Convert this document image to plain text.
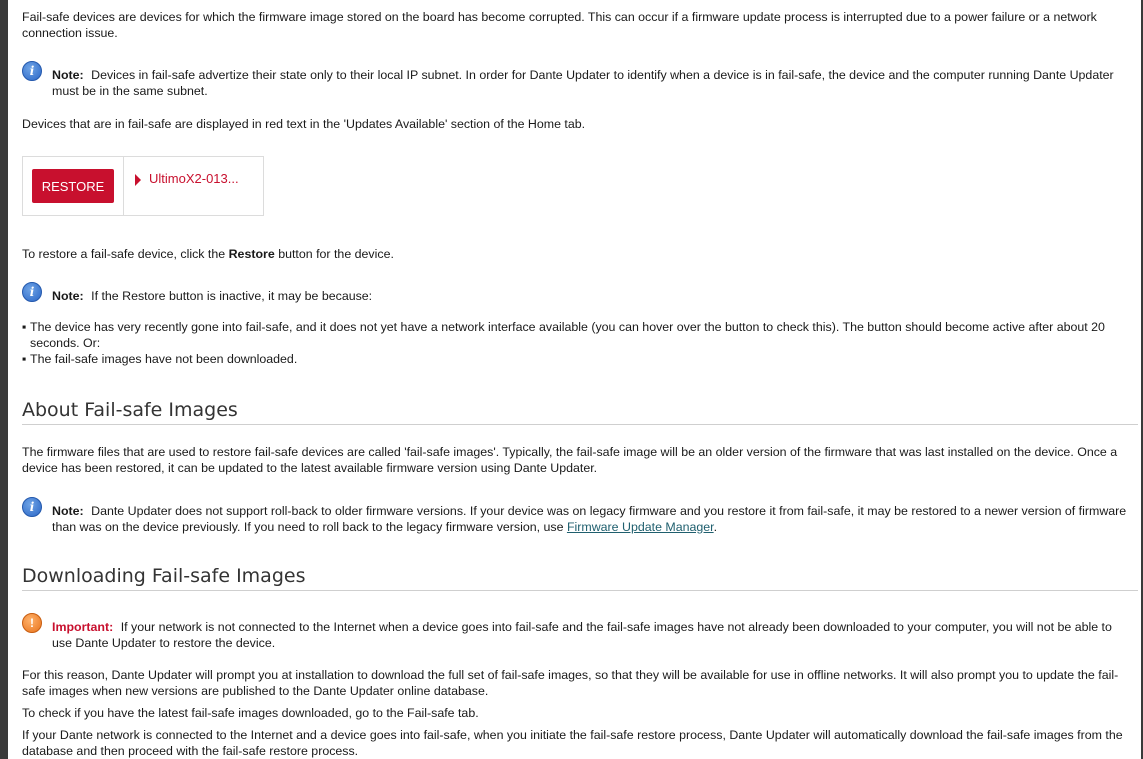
Fail-safe devices are devices for which the firmware image stored on the board has become corrupted. This can occur if a firmware update process is interrupted due to a power failure or a network connection issue.

i	Note: Devices in fail-safe advertize their state only to their local IP subnet. In order for Dante Updater to identify when a device is in fail-safe, the device and the computer running Dante Updater must be in the same subnet.

Devices that are in fail-safe are displayed in red text in the 'Updates Available' section of the Home tab.

RESTORE	UltimoX2-013...

To restore a fail-safe device, click the Restore button for the device.

i	Note: If the Restore button is inactive, it may be because:
▪ The device has very recently gone into fail-safe, and it does not yet have a network interface available (you can hover over the button to check this). The button should become active after about 20 seconds. Or:
▪ The fail-safe images have not been downloaded.
About Fail-safe Images

The firmware files that are used to restore fail-safe devices are called 'fail-safe images'. Typically, the fail-safe image will be an older version of the firmware that was last installed on the device. Once a device has been restored, it can be updated to the latest available firmware version using Dante Updater.

i	Note: Dante Updater does not support roll-back to older firmware versions. If your device was on legacy firmware and you restore it from fail-safe, it may be restored to a newer version of firmware than was on the device previously. If you need to roll back to the legacy firmware version, use Firmware Update Manager.
Downloading Fail-safe Images
!	Important: If your network is not connected to the Internet when a device goes into fail-safe and the fail-safe images have not already been downloaded to your computer, you will not be able to use Dante Updater to restore the device.

For this reason, Dante Updater will prompt you at installation to download the full set of fail-safe images, so that they will be available for use in offline networks. It will also prompt you to update the fail-safe images when new versions are published to the Dante Updater online database.

To check if you have the latest fail-safe images downloaded, go to the Fail-safe tab.

If your Dante network is connected to the Internet and a device goes into fail-safe, when you initiate the fail-safe restore process, Dante Updater will automatically download the fail-safe images from the database and then proceed with the fail-safe restore process.
